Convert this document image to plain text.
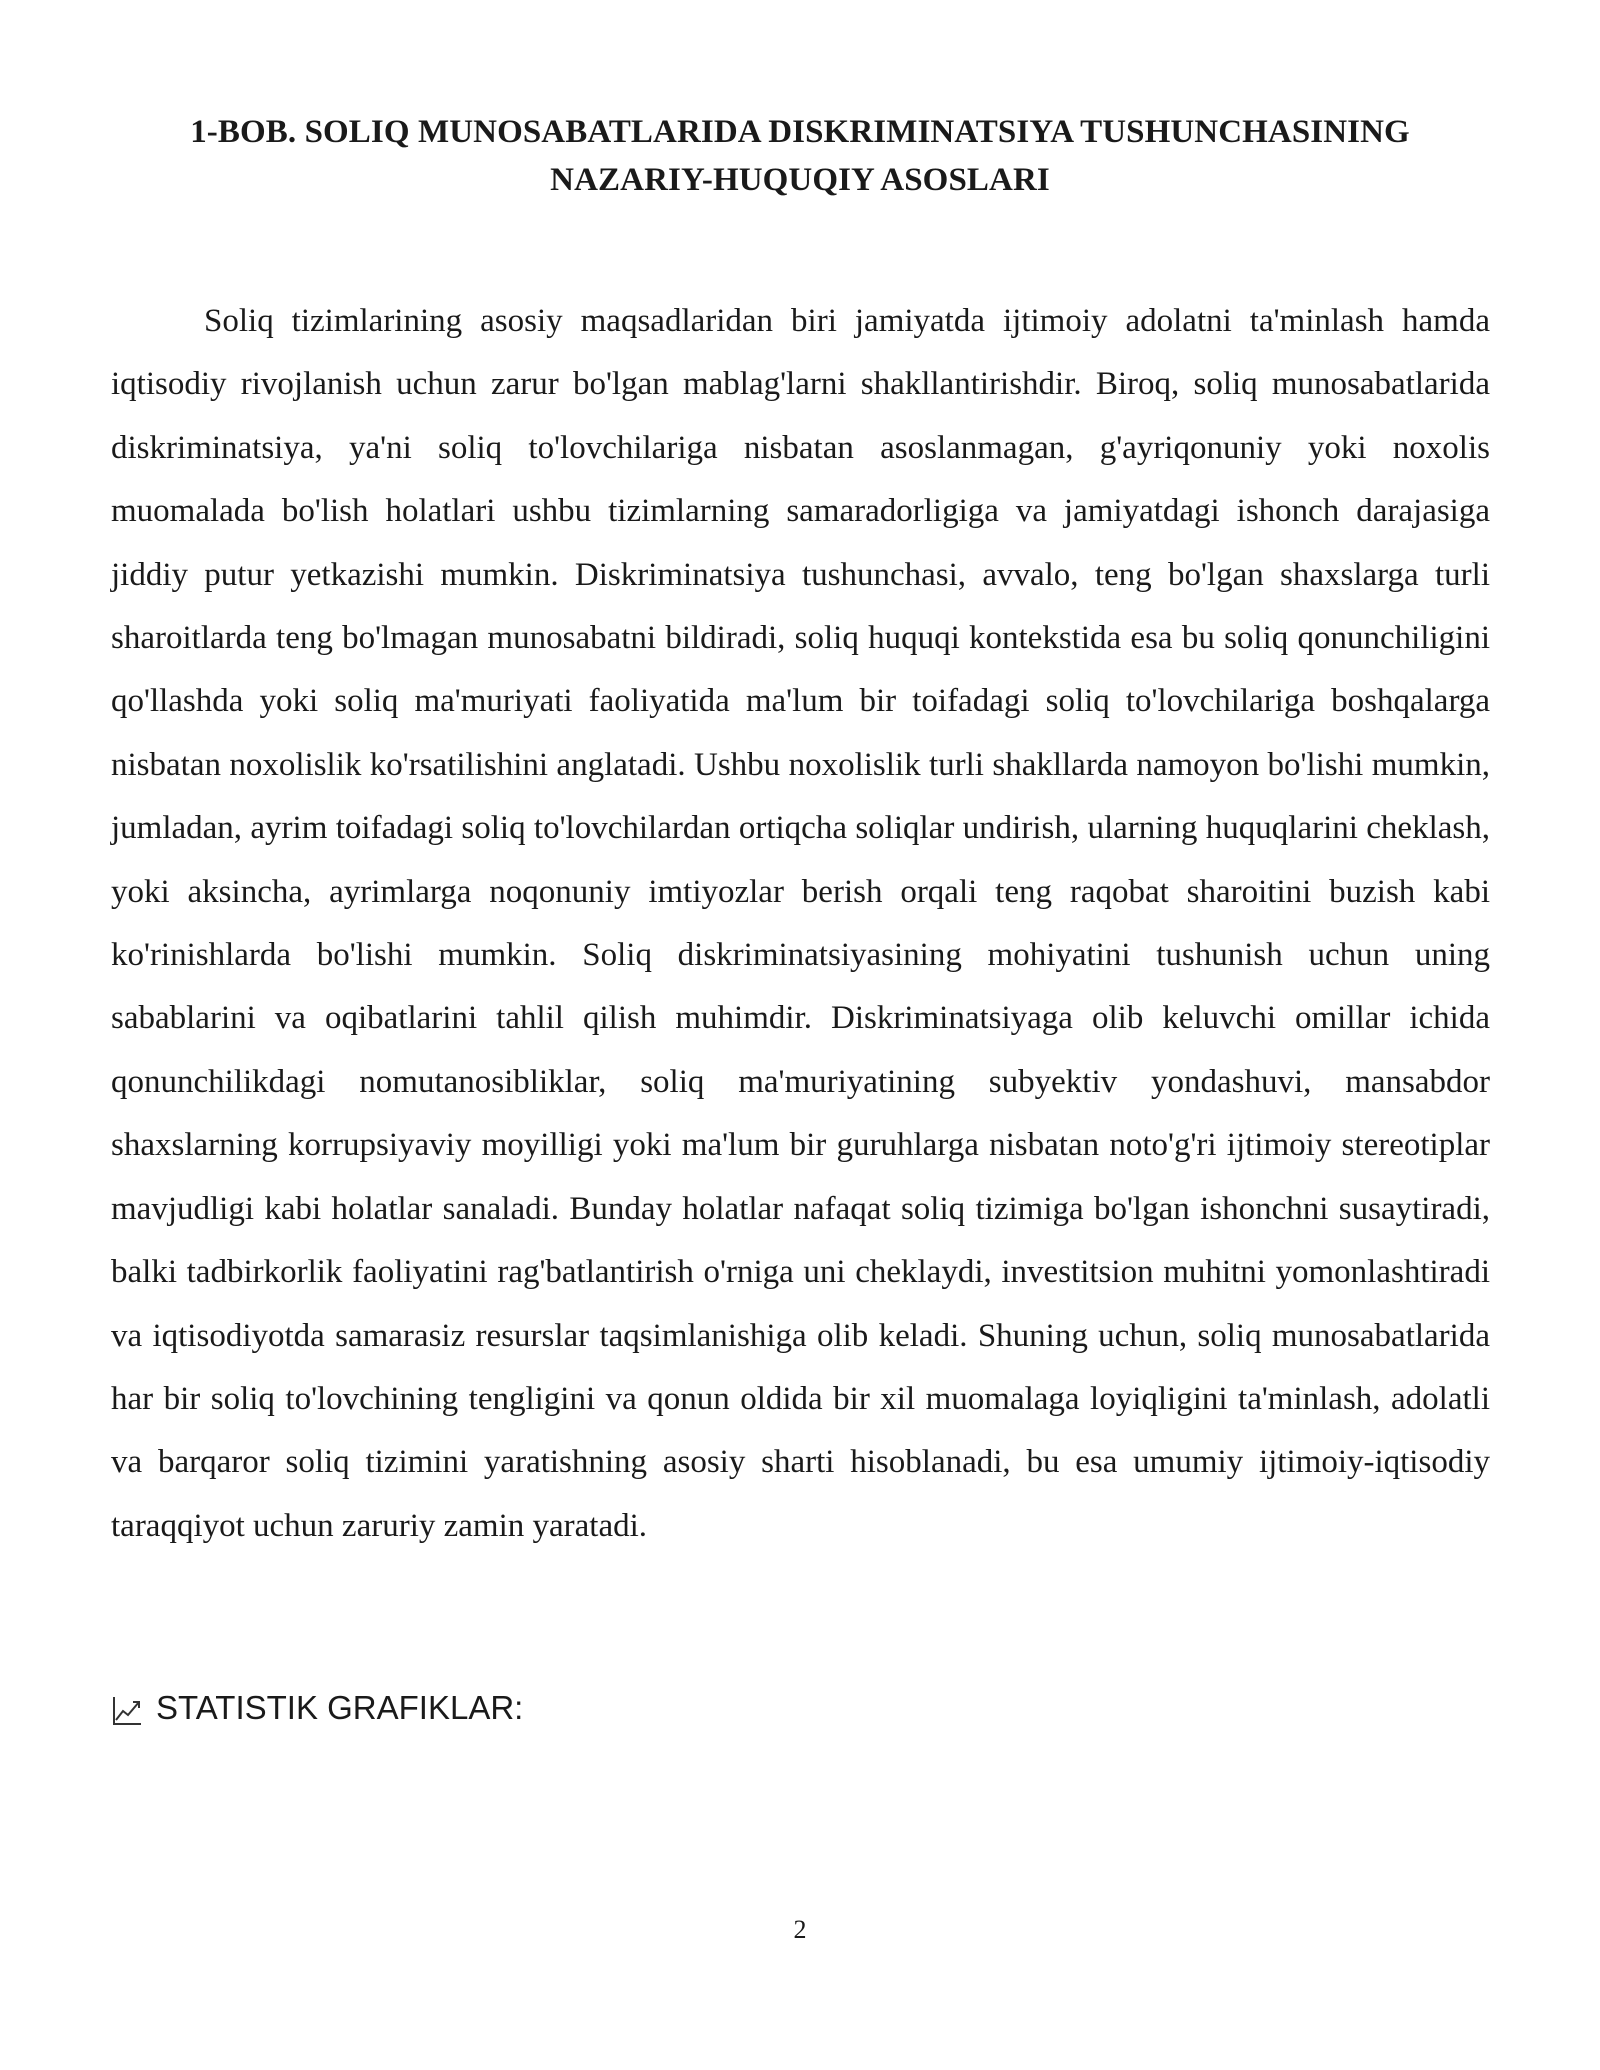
1-BOB. SOLIQ MUNOSABATLARIDA DISKRIMINATSIYA TUSHUNCHASINING NAZARIY-HUQUQIY ASOSLARI

Soliq tizimlarining asosiy maqsadlaridan biri jamiyatda ijtimoiy adolatni ta'minlash hamda iqtisodiy rivojlanish uchun zarur bo'lgan mablag'larni shakllantirishdir. Biroq, soliq munosabatlarida diskriminatsiya, ya'ni soliq to'lovchilariga nisbatan asoslanmagan, g'ayriqonuniy yoki noxolis muomalada bo'lish holatlari ushbu tizimlarning samaradorligiga va jamiyatdagi ishonch darajasiga jiddiy putur yetkazishi mumkin. Diskriminatsiya tushunchasi, avvalo, teng bo'lgan shaxslarga turli sharoitlarda teng bo'lmagan munosabatni bildiradi, soliq huquqi kontekstida esa bu soliq qonunchiligini qo'llashda yoki soliq ma'muriyati faoliyatida ma'lum bir toifadagi soliq to'lovchilariga boshqalarga nisbatan noxolislik ko'rsatilishini anglatadi. Ushbu noxolislik turli shakllarda namoyon bo'lishi mumkin, jumladan, ayrim toifadagi soliq to'lovchilardan ortiqcha soliqlar undirish, ularning huquqlarini cheklash, yoki aksincha, ayrimlarga noqonuniy imtiyozlar berish orqali teng raqobat sharoitini buzish kabi ko'rinishlarda bo'lishi mumkin. Soliq diskriminatsiyasining mohiyatini tushunish uchun uning sabablarini va oqibatlarini tahlil qilish muhimdir. Diskriminatsiyaga olib keluvchi omillar ichida qonunchilikdagi nomutanosibliklar, soliq ma'muriyatining subyektiv yondashuvi, mansabdor shaxslarning korrupsiyaviy moyilligi yoki ma'lum bir guruhlarga nisbatan noto'g'ri ijtimoiy stereotiplar mavjudligi kabi holatlar sanaladi. Bunday holatlar nafaqat soliq tizimiga bo'lgan ishonchni susaytiradi, balki tadbirkorlik faoliyatini rag'batlantirish o'rniga uni cheklaydi, investitsion muhitni yomonlashtiradi va iqtisodiyotda samarasiz resurslar taqsimlanishiga olib keladi. Shuning uchun, soliq munosabatlarida har bir soliq to'lovchining tengligini va qonun oldida bir xil muomalaga loyiqligini ta'minlash, adolatli va barqaror soliq tizimini yaratishning asosiy sharti hisoblanadi, bu esa umumiy ijtimoiy-iqtisodiy taraqqiyot uchun zaruriy zamin yaratadi.

STATISTIK GRAFIKLAR:
2
